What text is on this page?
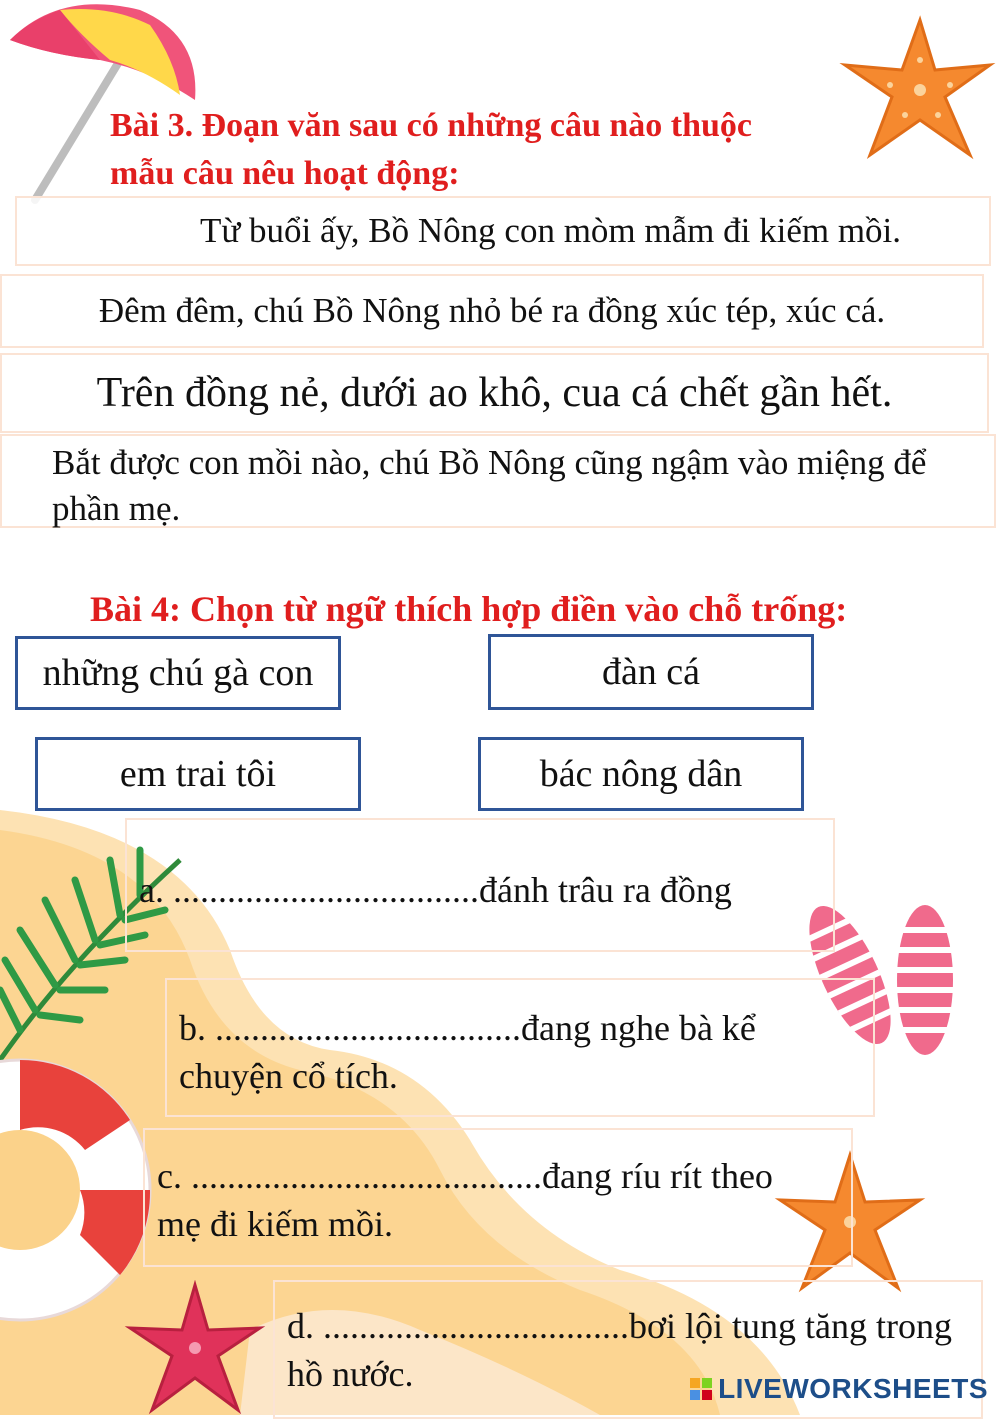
Bài 3. Đoạn văn sau có những câu nào thuộc
mẫu câu nêu hoạt động:
Từ buổi ấy, Bồ Nông con mòm mẫm đi kiếm mồi.
Đêm đêm, chú Bồ Nông nhỏ bé ra đồng xúc tép, xúc cá.
Trên đồng nẻ, dưới ao khô, cua cá chết gần hết.
Bắt được con mồi nào, chú Bồ Nông cũng ngậm vào miệng để phần mẹ.
Bài 4: Chọn từ ngữ thích hợp điền vào chỗ trống:
những chú gà con	đàn cá
em trai tôi	bác nông dân
a. ..................................đánh trâu ra đồng
b. ..................................đang nghe bà kể chuyện cổ tích.
c. .......................................đang ríu rít theo mẹ đi kiếm mồi.
d. ..................................bơi lội tung tăng trong hồ nước.	LIVEWORKSHEETS
